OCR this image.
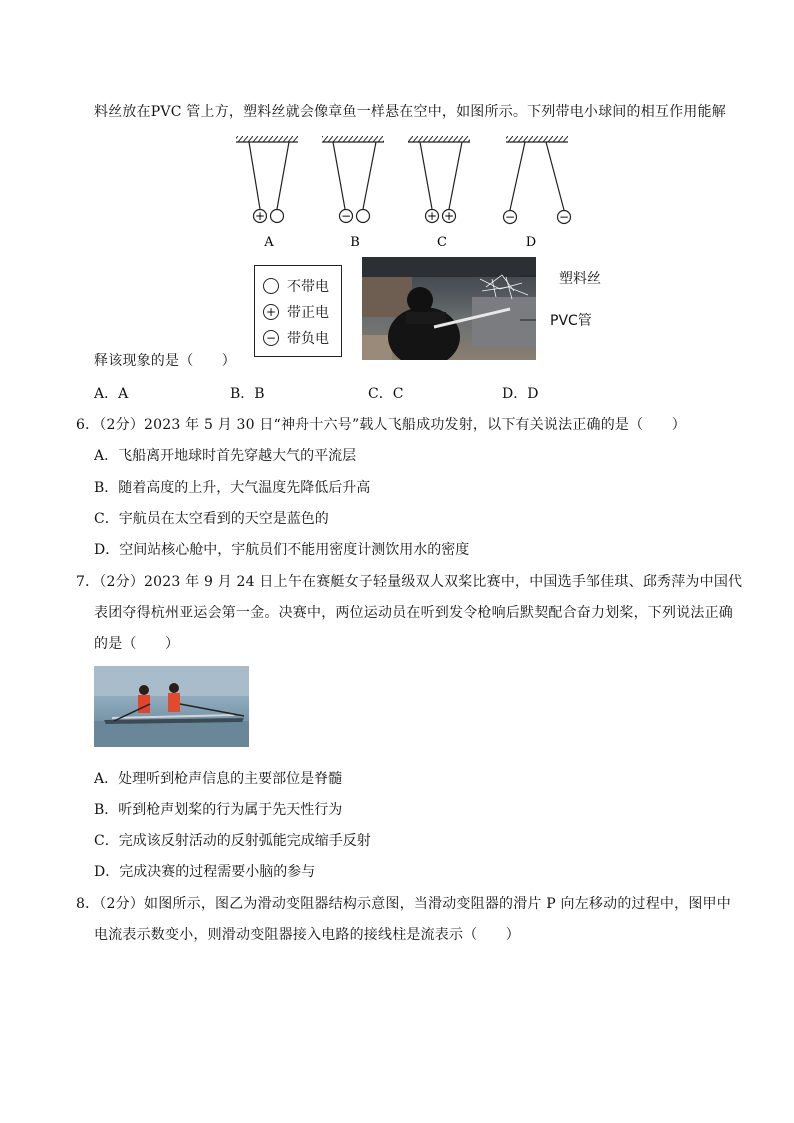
料丝放在PVC 管上方，塑料丝就会像章鱼一样悬在空中，如图所示。下列带电小球间的相互作用能解
+
A
−
B
+ +
C
−	−
D
不带电
+ 带正电
− 带负电
塑料丝
PVC管
释该现象的是（　　）
A．A	B．B	C．C	D．D
6．（2分）2023 年 5 月 30 日“神舟十六号”载人飞船成功发射，以下有关说法正确的是（　　）
A．飞船离开地球时首先穿越大气的平流层
B．随着高度的上升，大气温度先降低后升高
C．宇航员在太空看到的天空是蓝色的
D．空间站核心舱中，宇航员们不能用密度计测饮用水的密度
7．（2分）2023 年 9 月 24 日上午在赛艇女子轻量级双人双桨比赛中，中国选手邹佳琪、邱秀萍为中国代
表团夺得杭州亚运会第一金。决赛中，两位运动员在听到发令枪响后默契配合奋力划桨，下列说法正确
的是（　　）
A．处理听到枪声信息的主要部位是脊髓
B．听到枪声划桨的行为属于先天性行为
C．完成该反射活动的反射弧能完成缩手反射
D．完成决赛的过程需要小脑的参与
8．（2分）如图所示，图乙为滑动变阻器结构示意图，当滑动变阻器的滑片 P 向左移动的过程中，图甲中
电流表示数变小，则滑动变阻器接入电路的接线柱是流表示（　　）
